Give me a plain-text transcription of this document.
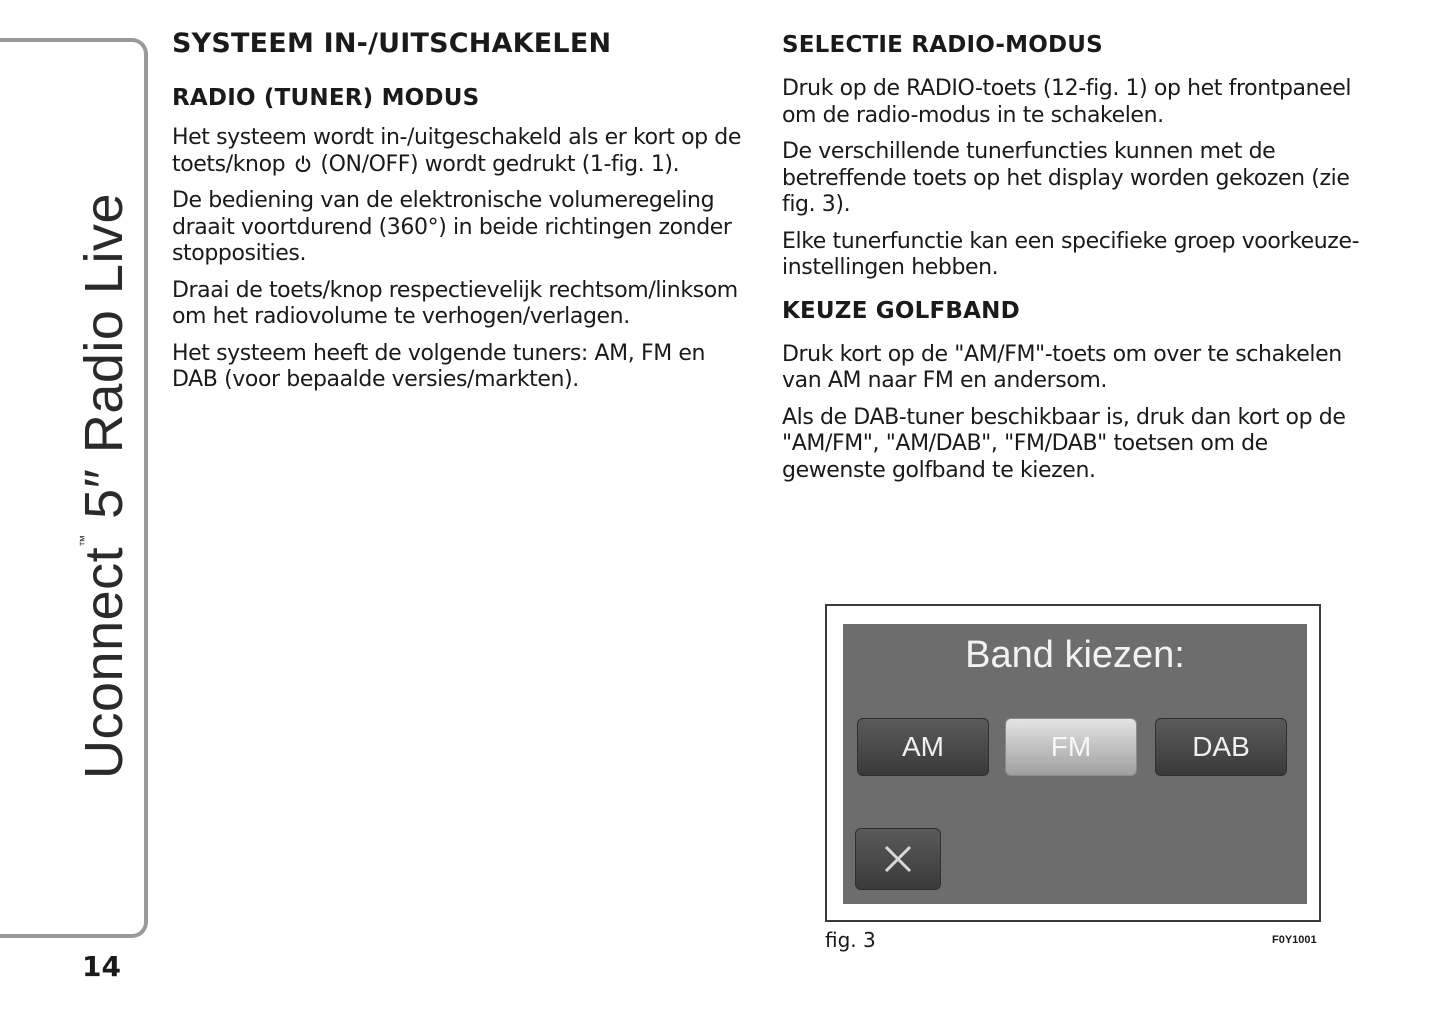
Uconnect™ 5″ Radio Live
14
SYSTEEM IN-/UITSCHAKELEN
RADIO (TUNER) MODUS

Het systeem wordt in-/uitgeschakeld als er kort op de toets/knop (ON/OFF) wordt gedrukt (1-fig. 1).

De bediening van de elektronische volumeregeling draait voortdurend (360°) in beide richtingen zonder stopposities.

Draai de toets/knop respectievelijk rechtsom/linksom om het radiovolume te verhogen/verlagen.

Het systeem heeft de volgende tuners: AM, FM en DAB (voor bepaalde versies/markten).

SELECTIE RADIO-MODUS

Druk op de RADIO-toets (12-fig. 1) op het frontpaneel om de radio-modus in te schakelen.

De verschillende tunerfuncties kunnen met de betreffende toets op het display worden gekozen (zie fig. 3).

Elke tunerfunctie kan een specifieke groep voorkeuze-instellingen hebben.

KEUZE GOLFBAND

Druk kort op de "AM/FM"-toets om over te schakelen van AM naar FM en andersom.

Als de DAB-tuner beschikbaar is, druk dan kort op de "AM/FM", "AM/DAB", "FM/DAB" toetsen om de gewenste golfband te kiezen.

Band kiezen:
AM	FM	DAB
fig. 3	F0Y1001
